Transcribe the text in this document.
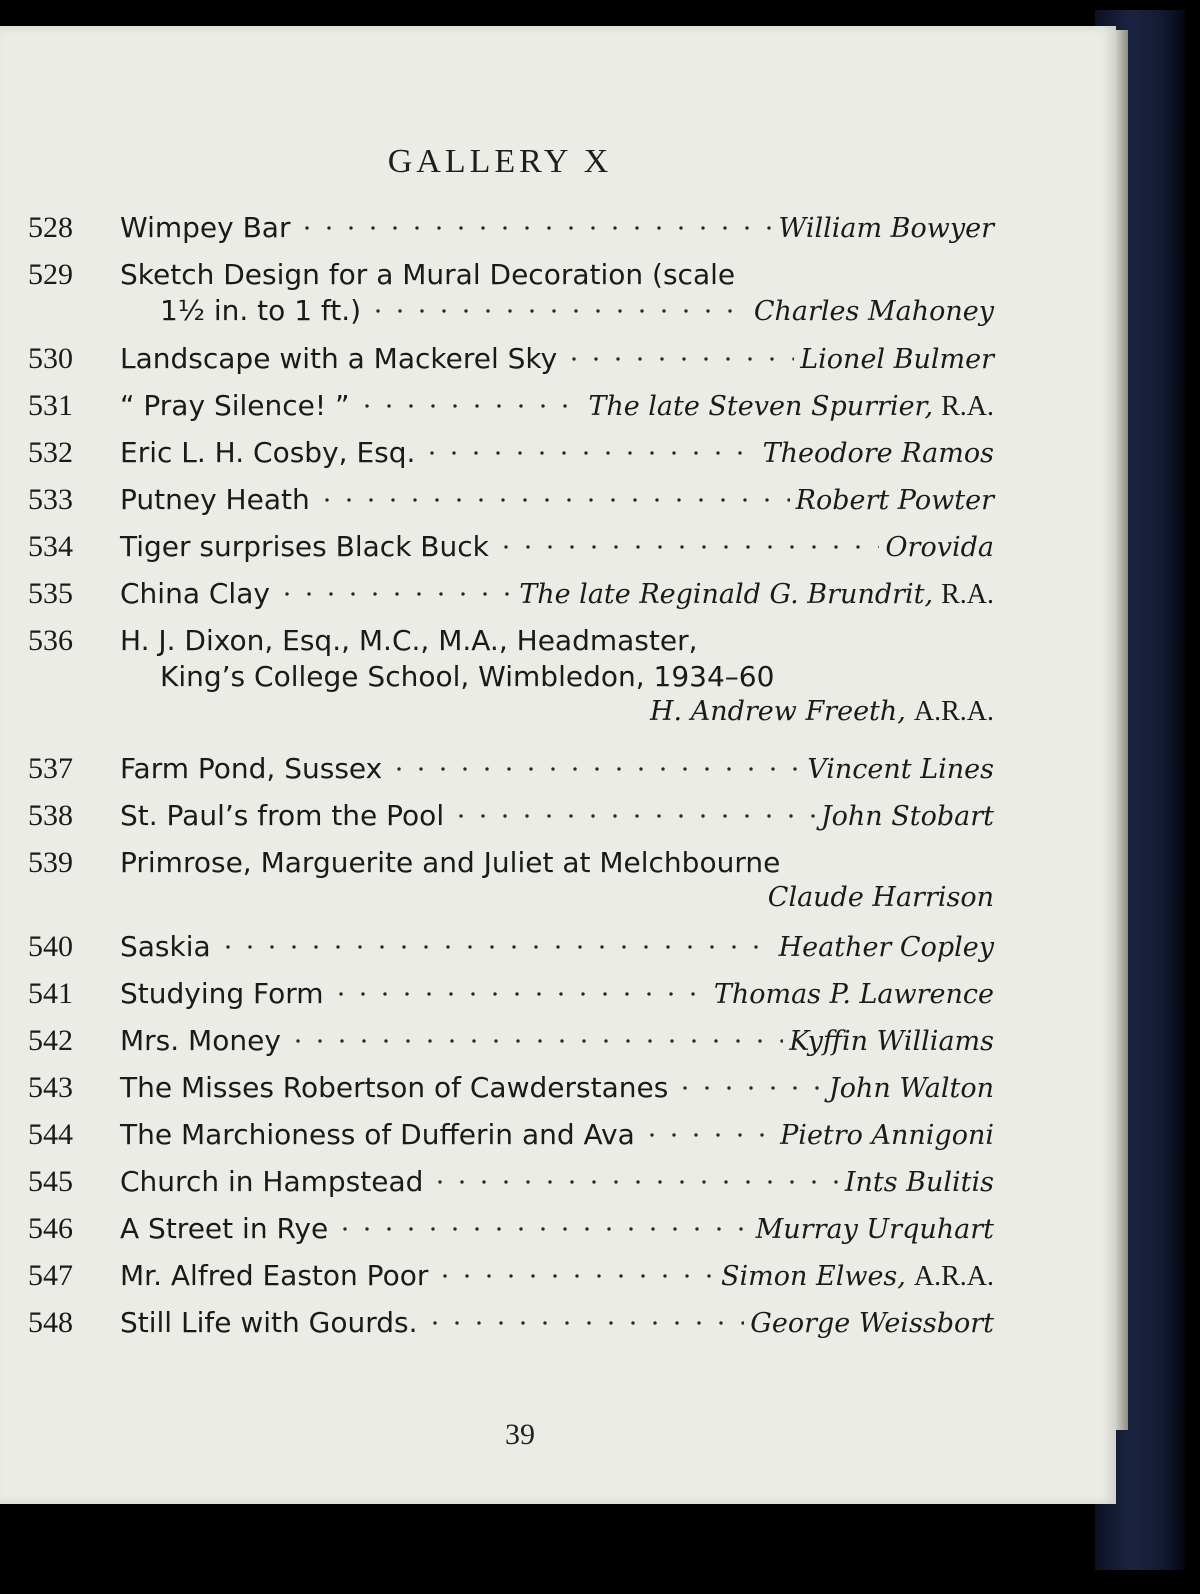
GALLERY X
528	Wimpey Bar	William Bowyer
529	Sketch Design for a Mural Decoration (scale
1½ in. to 1 ft.)	Charles Mahoney
530	Landscape with a Mackerel Sky	Lionel Bulmer
531	“ Pray Silence! ”	The late Steven Spurrier, R.A.
532	Eric L. H. Cosby, Esq.	Theodore Ramos
533	Putney Heath	Robert Powter
534	Tiger surprises Black Buck	Orovida
535	China Clay	The late Reginald G. Brundrit, R.A.
536	H. J. Dixon, Esq., M.C., M.A., Headmaster,
King’s College School, Wimbledon, 1934–60
H. Andrew Freeth, A.R.A.
537	Farm Pond, Sussex	Vincent Lines
538	St. Paul’s from the Pool	John Stobart
539	Primrose, Marguerite and Juliet at Melchbourne
Claude Harrison
540	Saskia	Heather Copley
541	Studying Form	Thomas P. Lawrence
542	Mrs. Money	Kyffin Williams
543	The Misses Robertson of Cawderstanes	John Walton
544	The Marchioness of Dufferin and Ava	Pietro Annigoni
545	Church in Hampstead	Ints Bulitis
546	A Street in Rye	Murray Urquhart
547	Mr. Alfred Easton Poor	Simon Elwes, A.R.A.
548	Still Life with Gourds.	George Weissbort
39
